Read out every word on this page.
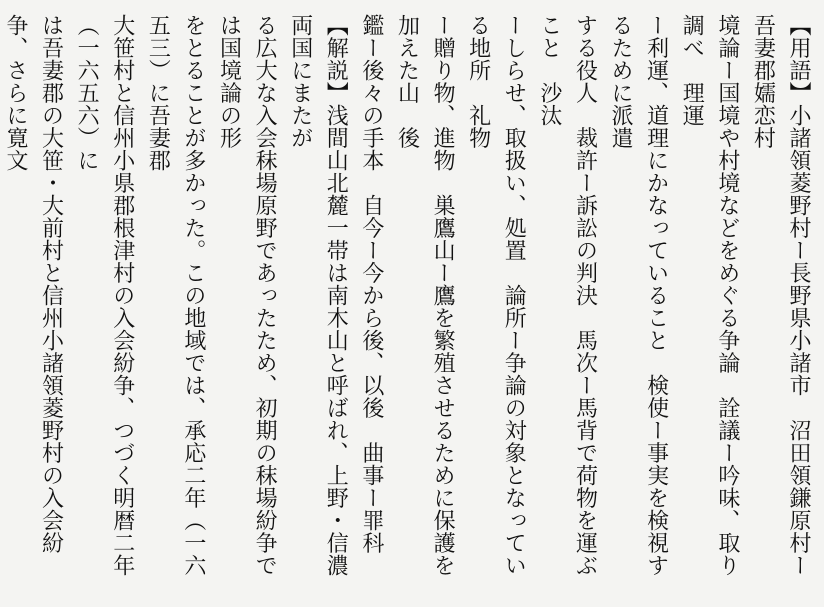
【用語】小諸領菱野村ー長野県小諸市　沼田領鎌原村ー吾妻郡嬬恋村
境論ー国境や村境などをめぐる争論　詮議ー吟味、取り調べ　理運
ー利運、道理にかなっていること　検使ー事実を検視するために派遣
する役人　裁許ー訴訟の判決　馬次ー馬背で荷物を運ぶこと　沙汰
ーしらせ、取扱い、処置　論所ー争論の対象となっている地所　礼物
ー贈り物、進物　巣鷹山ー鷹を繁殖させるために保護を加えた山　後
鑑ー後々の手本　自今ー今から後、以後　曲事ー罪科
【解説】浅間山北麓一帯は南木山と呼ばれ、上野・信濃両国にまたが
る広大な入会秣場原野であったため、初期の秣場紛争では国境論の形
をとることが多かった。この地域では、承応二年（一六五三）に吾妻郡
大笹村と信州小県郡根津村の入会紛争、つづく明暦二年（一六五六）に
は吾妻郡の大笹・大前村と信州小諸領菱野村の入会紛争、さらに寛文
